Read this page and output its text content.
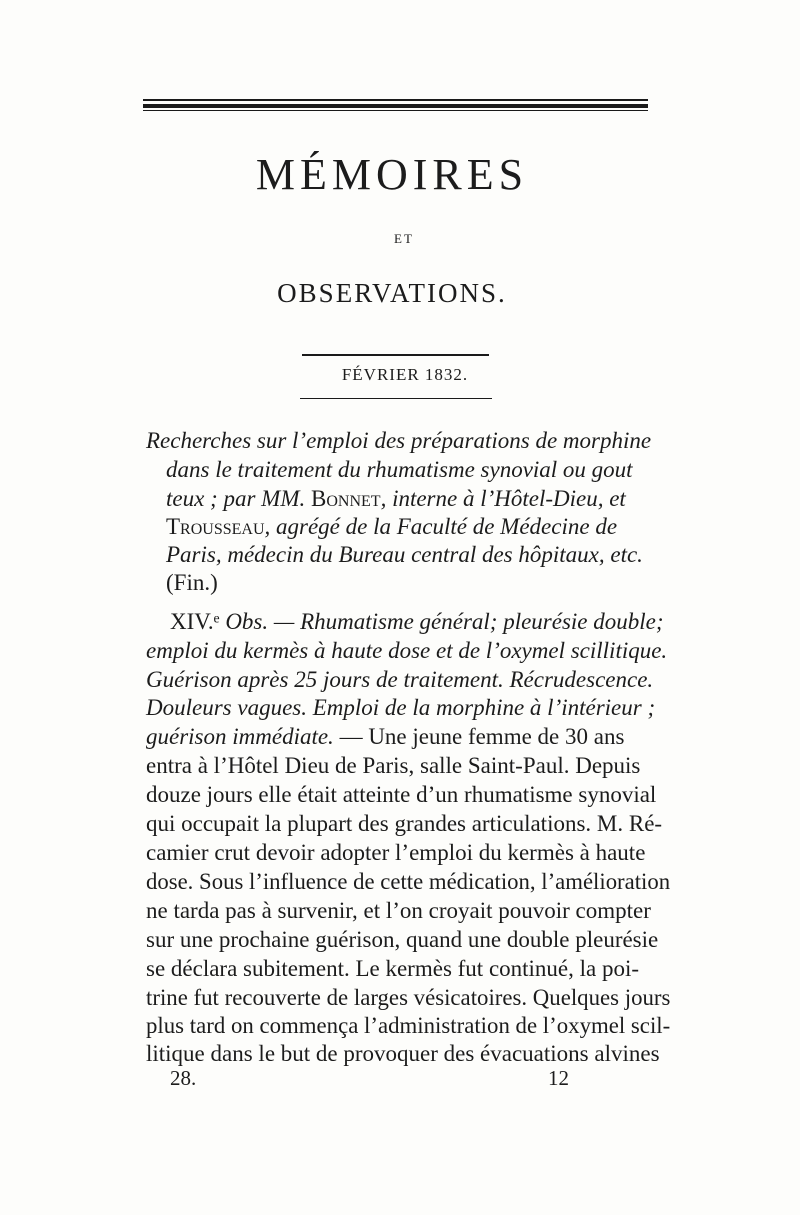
MÉMOIRES
ET
OBSERVATIONS.
FÉVRIER 1832.
Recherches sur l’emploi des préparations de morphine
dans le traitement du rhumatisme synovial ou gout
teux ; par MM. Bonnet, interne à l’Hôtel-Dieu, et
Trousseau, agrégé de la Faculté de Médecine de
Paris, médecin du Bureau central des hôpitaux, etc.
(Fin.)
XIV.ᵉ Obs. — Rhumatisme général; pleurésie double;
emploi du kermès à haute dose et de l’oxymel scillitique.
Guérison après 25 jours de traitement. Récrudescence.
Douleurs vagues. Emploi de la morphine à l’intérieur ;
guérison immédiate. — Une jeune femme de 30 ans
entra à l’Hôtel Dieu de Paris, salle Saint-Paul. Depuis
douze jours elle était atteinte d’un rhumatisme synovial
qui occupait la plupart des grandes articulations. M. Ré-
camier crut devoir adopter l’emploi du kermès à haute
dose. Sous l’influence de cette médication, l’amélioration
ne tarda pas à survenir, et l’on croyait pouvoir compter
sur une prochaine guérison, quand une double pleurésie
se déclara subitement. Le kermès fut continué, la poi-
trine fut recouverte de larges vésicatoires. Quelques jours
plus tard on commença l’administration de l’oxymel scil-
litique dans le but de provoquer des évacuations alvines
28.	12
